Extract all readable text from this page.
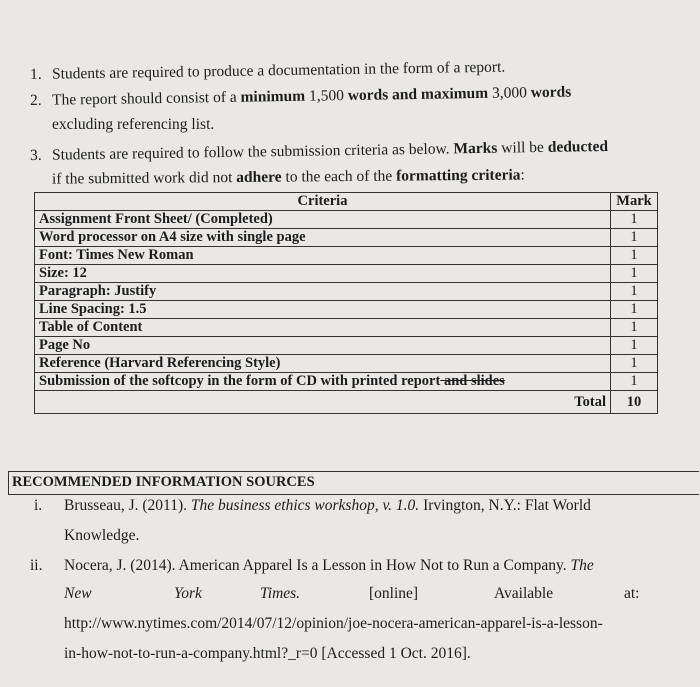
1. Students are required to produce a documentation in the form of a report.
2. The report should consist of a minimum 1,500 words and maximum 3,000 words
excluding referencing list.
3. Students are required to follow the submission criteria as below. Marks will be deducted
if the submitted work did not adhere to the each of the formatting criteria:
Criteria	Mark
Assignment Front Sheet/ (Completed)	1
Word processor on A4 size with single page	1
Font: Times New Roman	1
Size: 12	1
Paragraph: Justify	1
Line Spacing: 1.5	1
Table of Content	1
Page No	1
Reference (Harvard Referencing Style)	1
Submission of the softcopy in the form of CD with printed report and slides	1
Total	10
RECOMMENDED INFORMATION SOURCES
i. Brusseau, J. (2011). The business ethics workshop, v. 1.0. Irvington, N.Y.: Flat World
Knowledge.
ii. Nocera, J. (2014). American Apparel Is a Lesson in How Not to Run a Company. The
New	York	Times.	[online]	Available	at:
http://www.nytimes.com/2014/07/12/opinion/joe-nocera-american-apparel-is-a-lesson-
in-how-not-to-run-a-company.html?_r=0 [Accessed 1 Oct. 2016].
